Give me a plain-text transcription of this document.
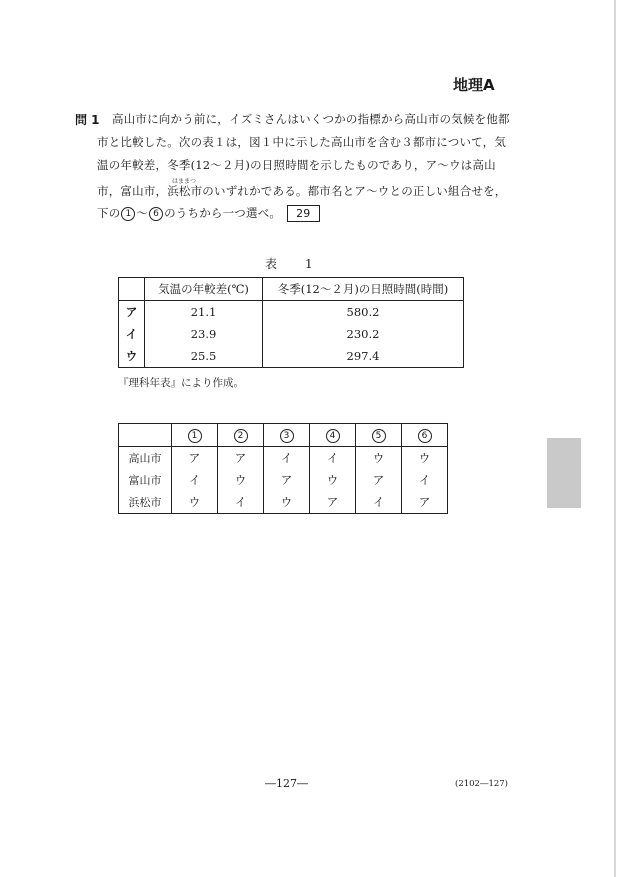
地理A
問 1 高山市に向かう前に，イズミさんはいくつかの指標から高山市の気候を他都
市と比較した。次の表１は，図１中に示した高山市を含む３都市について，気
温の年較差，冬季(12～２月)の日照時間を示したものであり，ア～ウは高山
はままつ
市，富山市，浜松市のいずれかである。都市名とア～ウとの正しい組合せを，
下の 1 ～ 6 のうちから一つ選べ。 29
表　1
	気温の年較差(℃)	冬季(12～２月)の日照時間(時間)
ア	21.1	580.2
イ	23.9	230.2
ウ	25.5	297.4
『理科年表』により作成。
	1	2	3	4	5	6
高山市	ア	ア	イ	イ	ウ	ウ
富山市	イ	ウ	ア	ウ	ア	イ
浜松市	ウ	イ	ウ	ア	イ	ア
―127―	(2102―127)
